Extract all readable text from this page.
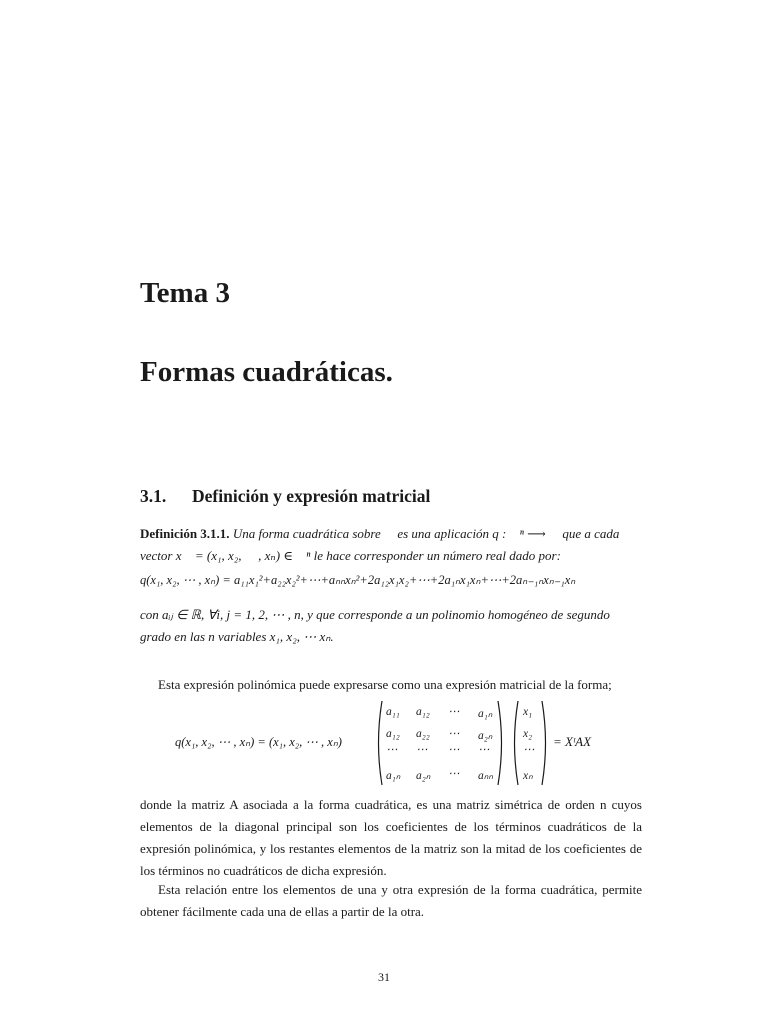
Tema 3
Formas cuadráticas.
3.1. Definición y expresión matricial
Definición 3.1.1. Una forma cuadrática sobre ℝ es una aplicación q : ℝⁿ ⟶ ℝ que a cada vector x⃗ = (x₁, x₂, ⋯ , xₙ) ∈ ℝⁿ le hace corresponder un número real dado por:
q(x₁, x₂, ⋯ , xₙ) = a₁₁x₁²+a₂₂x₂²+⋯+aₙₙxₙ²+2a₁₂x₁x₂+⋯+2a₁ₙx₁xₙ+⋯+2aₙ₋₁ₙxₙ₋₁xₙ
con aᵢⱼ ∈ ℝ, ∀i, j = 1, 2, ⋯ , n, y que corresponde a un polinomio homogéneo de segundo grado en las n variables x₁, x₂, ⋯ xₙ.
Esta expresión polinómica puede expresarse como una expresión matricial de la forma;
q(x₁, x₂, ⋯ , xₙ) = (x₁, x₂, ⋯ , xₙ)
a₁₁ a₁₂ ⋯ a₁ₙ
a₁₂ a₂₂ ⋯ a₂ₙ
⋯ ⋯ ⋯ ⋯
a₁ₙ a₂ₙ ⋯ aₙₙ
x₁
x₂
⋯
xₙ
= XᵗAX
donde la matriz A asociada a la forma cuadrática, es una matriz simétrica de orden n cuyos elementos de la diagonal principal son los coeficientes de los términos cuadráticos de la expresión polinómica, y los restantes elementos de la matriz son la mitad de los coeficientes de los términos no cuadráticos de dicha expresión.
Esta relación entre los elementos de una y otra expresión de la forma cuadrática, permite obtener fácilmente cada una de ellas a partir de la otra.
31
